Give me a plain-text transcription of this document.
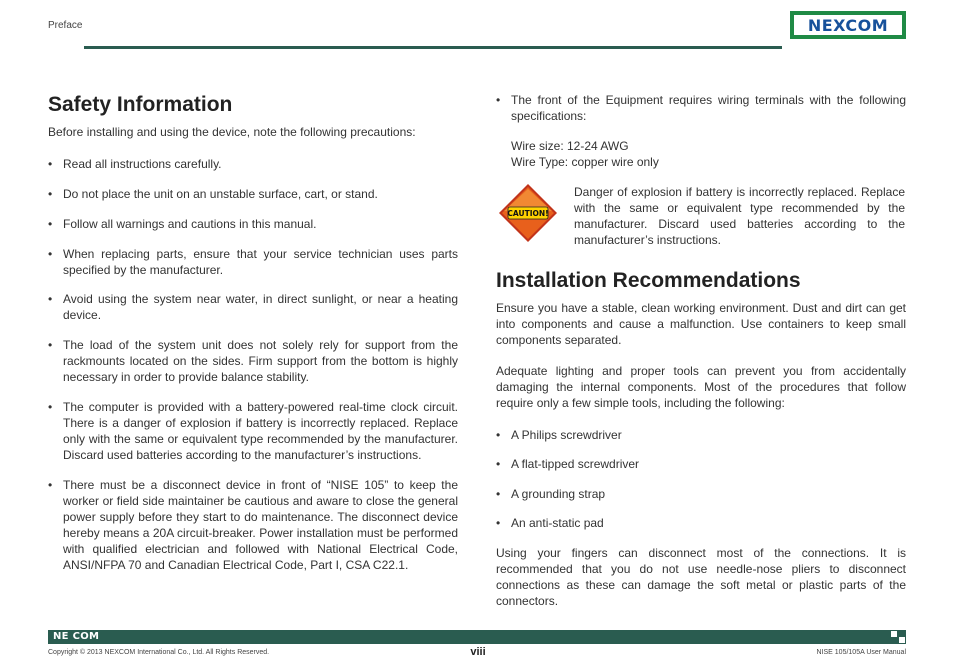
Preface	NEXCOM
Safety Information

Before installing and using the device, note the following precautions:

• Read all instructions carefully.
• Do not place the unit on an unstable surface, cart, or stand.
• Follow all warnings and cautions in this manual.
• When replacing parts, ensure that your service technician uses parts specified by the manufacturer.
• Avoid using the system near water, in direct sunlight, or near a heating device.
• The load of the system unit does not solely rely for support from the rackmounts located on the sides. Firm support from the bottom is highly necessary in order to provide balance stability.
• The computer is provided with a battery-powered real-time clock circuit. There is a danger of explosion if battery is incorrectly replaced. Replace only with the same or equivalent type recommended by the manufacturer. Discard used batteries according to the manufacturer’s instructions.
• There must be a disconnect device in front of “NISE 105” to keep the worker or field side maintainer be cautious and aware to close the general power supply before they start to do maintenance. The disconnect device hereby means a 20A circuit-breaker. Power installation must be performed with qualified electrician and followed with National Electrical Code, ANSI/NFPA 70 and Canadian Electrical Code, Part I, CSA C22.1.
• The front of the Equipment requires wiring terminals with the following specifications:
Wire size: 12-24 AWG
Wire Type: copper wire only
CAUTION!
Danger of explosion if battery is incorrectly replaced. Replace with the same or equivalent type recommended by the manufacturer. Discard used batteries according to the manufacturer’s instructions.
Installation Recommendations

Ensure you have a stable, clean working environment. Dust and dirt can get into components and cause a malfunction. Use containers to keep small components separated.

Adequate lighting and proper tools can prevent you from accidentally damaging the internal components. Most of the procedures that follow require only a few simple tools, including the following:

• A Philips screwdriver
• A flat-tipped screwdriver
• A grounding strap
• An anti-static pad

Using your fingers can disconnect most of the connections. It is recommended that you do not use needle-nose pliers to disconnect connections as these can damage the soft metal or plastic parts of the connectors.

NE COM
Copyright © 2013 NEXCOM International Co., Ltd. All Rights Reserved.	viii	NISE 105/105A User Manual
